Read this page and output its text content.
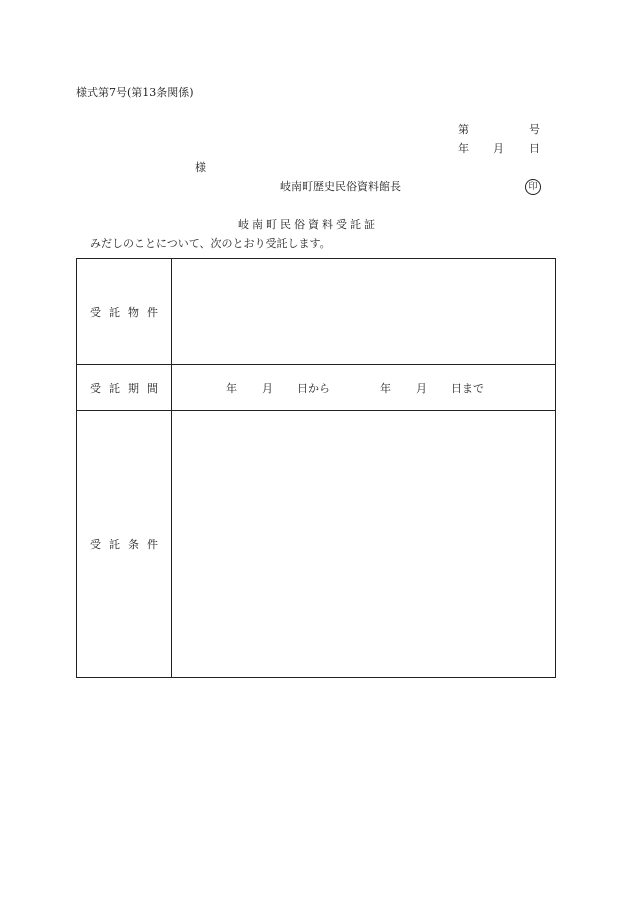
様式第7号(第13条関係)
第	号
年 月 日
様
岐南町歴史民俗資料館長	印
岐南町民俗資料受託証
みだしのことについて、次のとおり受託します。
受託物件
受託期間	年 月 日から	年 月 日まで
受託条件
